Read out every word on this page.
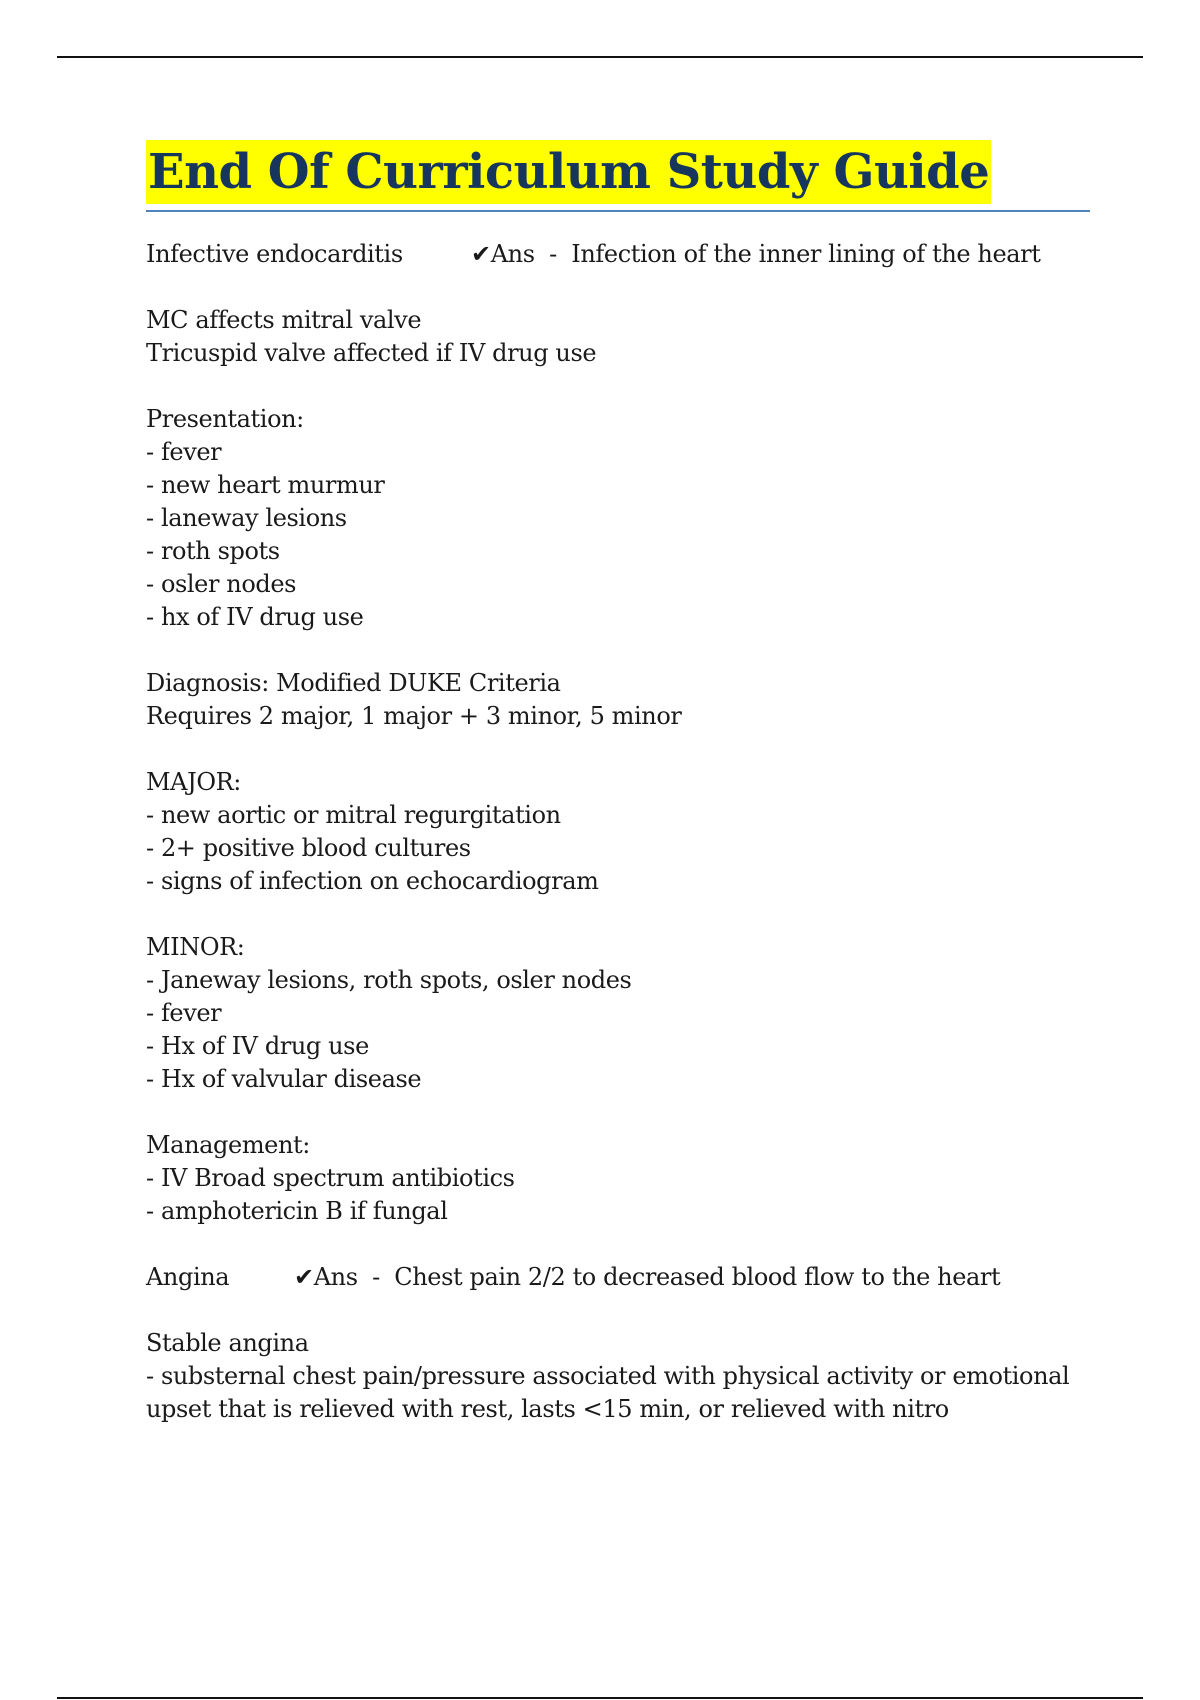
End Of Curriculum Study Guide
Infective endocarditis	✔Ans  - Infection of the inner lining of the heart
MC affects mitral valve
Tricuspid valve affected if IV drug use
Presentation:
- fever
- new heart murmur
- laneway lesions
- roth spots
- osler nodes
- hx of IV drug use
Diagnosis: Modified DUKE Criteria
Requires 2 major, 1 major + 3 minor, 5 minor
MAJOR:
- new aortic or mitral regurgitation
- 2+ positive blood cultures
- signs of infection on echocardiogram
MINOR:
- Janeway lesions, roth spots, osler nodes
- fever
- Hx of IV drug use
- Hx of valvular disease
Management:
- IV Broad spectrum antibiotics
- amphotericin B if fungal
Angina	✔Ans  - Chest pain 2/2 to decreased blood flow to the heart
Stable angina
- substernal chest pain/pressure associated with physical activity or emotional upset that is relieved with rest, lasts <15 min, or relieved with nitro
